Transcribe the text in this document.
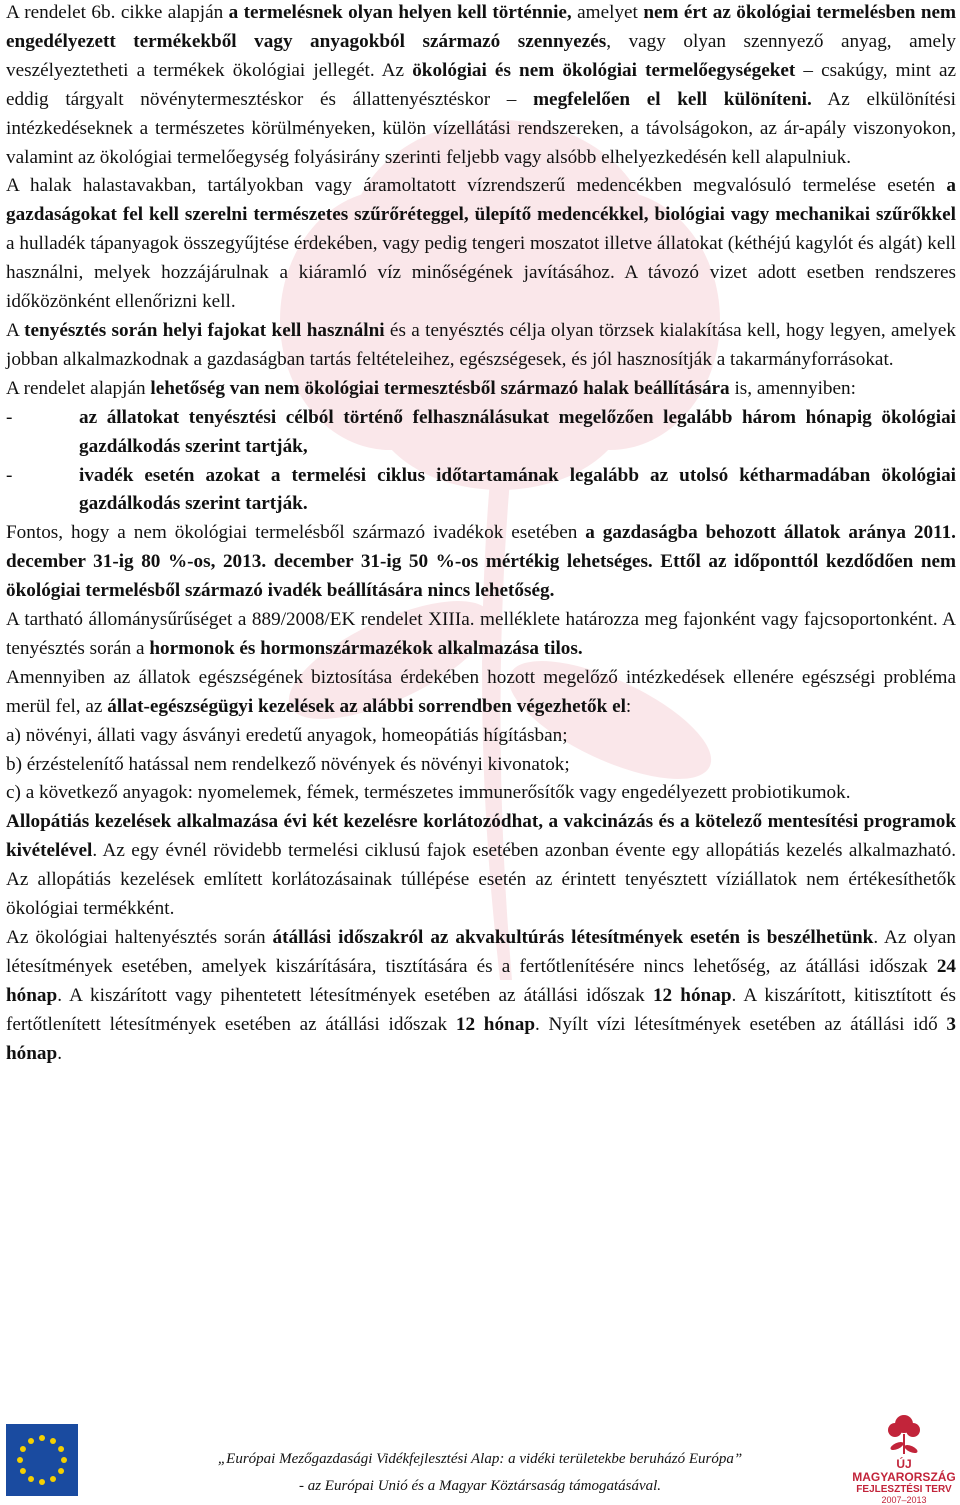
A rendelet 6b. cikke alapján a termelésnek olyan helyen kell történnie, amelyet nem ért az ökológiai termelésben nem engedélyezett termékekből vagy anyagokból származó szennyezés, vagy olyan szennyező anyag, amely veszélyeztetheti a termékek ökológiai jellegét. Az ökológiai és nem ökológiai termelőegységeket – csakúgy, mint az eddig tárgyalt növénytermesztéskor és állattenyésztéskor – megfelelően el kell különíteni. Az elkülönítési intézkedéseknek a természetes körülményeken, külön vízellátási rendszereken, a távolságokon, az ár-apály viszonyokon, valamint az ökológiai termelőegység folyásirány szerinti feljebb vagy alsóbb elhelyezkedésén kell alapulniuk.

A halak halastavakban, tartályokban vagy áramoltatott vízrendszerű medencékben megvalósuló termelése esetén a gazdaságokat fel kell szerelni természetes szűrőréteggel, ülepítő medencékkel, biológiai vagy mechanikai szűrőkkel a hulladék tápanyagok összegyűjtése érdekében, vagy pedig tengeri moszatot illetve állatokat (kéthéjú kagylót és algát) kell használni, melyek hozzájárulnak a kiáramló víz minőségének javításához. A távozó vizet adott esetben rendszeres időközönként ellenőrizni kell.

A tenyésztés során helyi fajokat kell használni és a tenyésztés célja olyan törzsek kialakítása kell, hogy legyen, amelyek jobban alkalmazkodnak a gazdaságban tartás feltételeihez, egészségesek, és jól hasznosítják a takarmányforrásokat.

A rendelet alapján lehetőség van nem ökológiai termesztésből származó halak beállítására is, amennyiben:

-	az állatokat tenyésztési célból történő felhasználásukat megelőzően legalább három hónapig ökológiai gazdálkodás szerint tartják,
-	ivadék esetén azokat a termelési ciklus időtartamának legalább az utolsó kétharmadában ökológiai gazdálkodás szerint tartják.

Fontos, hogy a nem ökológiai termelésből származó ivadékok esetében a gazdaságba behozott állatok aránya 2011. december 31-ig 80 %-os, 2013. december 31-ig 50 %-os mértékig lehetséges. Ettől az időponttól kezdődően nem ökológiai termelésből származó ivadék beállítására nincs lehetőség.

A tartható állománysűrűséget a 889/2008/EK rendelet XIIIa. melléklete határozza meg fajonként vagy fajcsoportonként. A tenyésztés során a hormonok és hormonszármazékok alkalmazása tilos.

Amennyiben az állatok egészségének biztosítása érdekében hozott megelőző intézkedések ellenére egészségi probléma merül fel, az állat-egészségügyi kezelések az alábbi sorrendben végezhetők el:

a) növényi, állati vagy ásványi eredetű anyagok, homeopátiás hígításban;

b) érzéstelenítő hatással nem rendelkező növények és növényi kivonatok;

c) a következő anyagok: nyomelemek, fémek, természetes immunerősítők vagy engedélyezett probiotikumok.

Allopátiás kezelések alkalmazása évi két kezelésre korlátozódhat, a vakcinázás és a kötelező mentesítési programok kivételével. Az egy évnél rövidebb termelési ciklusú fajok esetében azonban évente egy allopátiás kezelés alkalmazható. Az allopátiás kezelések említett korlátozásainak túllépése esetén az érintett tenyésztett víziállatok nem értékesíthetők ökológiai termékként.

Az ökológiai haltenyésztés során átállási időszakról az akvakultúrás létesítmények esetén is beszélhetünk. Az olyan létesítmények esetében, amelyek kiszárítására, tisztítására és a fertőtlenítésére nincs lehetőség, az átállási időszak 24 hónap. A kiszárított vagy pihentetett létesítmények esetében az átállási időszak 12 hónap. A kiszárított, kitisztított és fertőtlenített létesítmények esetében az átállási időszak 12 hónap. Nyílt vízi létesítmények esetében az átállási idő 3 hónap.

„Európai Mezőgazdasági Vidékfejlesztési Alap: a vidéki területekbe beruházó Európa”
- az Európai Unió és a Magyar Köztársaság támogatásával.
ÚJ MAGYARORSZÁG
FEJLESZTÉSI TERV
2007–2013
